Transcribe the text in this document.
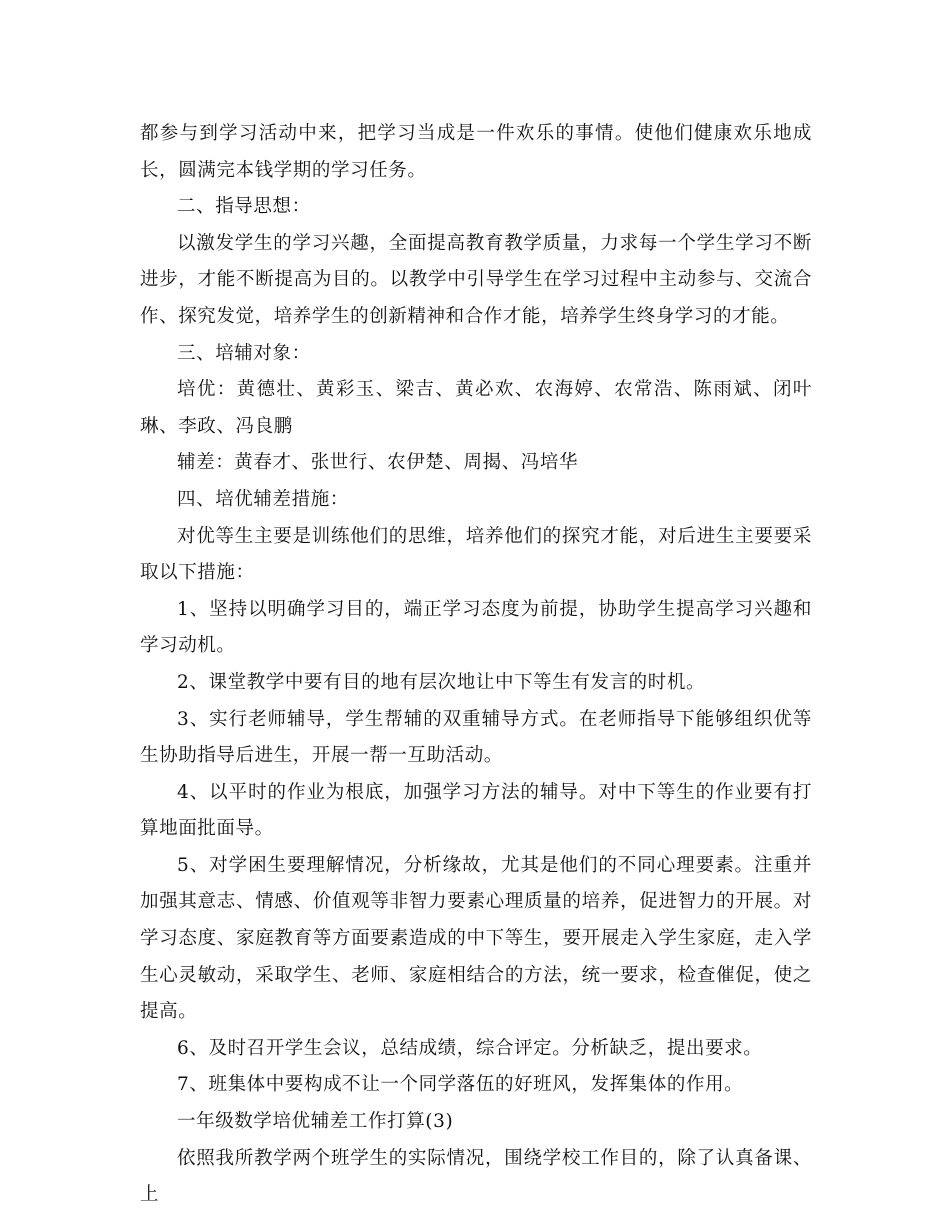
都参与到学习活动中来，把学习当成是一件欢乐的事情。使他们健康欢乐地成长，圆满完本钱学期的学习任务。

二、指导思想：

以激发学生的学习兴趣，全面提高教育教学质量，力求每一个学生学习不断进步，才能不断提高为目的。以教学中引导学生在学习过程中主动参与、交流合作、探究发觉，培养学生的创新精神和合作才能，培养学生终身学习的才能。

三、培辅对象：

培优：黄德壮、黄彩玉、梁吉、黄必欢、农海婷、农常浩、陈雨斌、闭叶琳、李政、冯良鹏

辅差：黄春才、张世行、农伊楚、周揭、冯培华

四、培优辅差措施：

对优等生主要是训练他们的思维，培养他们的探究才能，对后进生主要要采取以下措施：

1、坚持以明确学习目的，端正学习态度为前提，协助学生提高学习兴趣和学习动机。

2、课堂教学中要有目的地有层次地让中下等生有发言的时机。

3、实行老师辅导，学生帮辅的双重辅导方式。在老师指导下能够组织优等生协助指导后进生，开展一帮一互助活动。

4、以平时的作业为根底，加强学习方法的辅导。对中下等生的作业要有打算地面批面导。

5、对学困生要理解情况，分析缘故，尤其是他们的不同心理要素。注重并加强其意志、情感、价值观等非智力要素心理质量的培养，促进智力的开展。对学习态度、家庭教育等方面要素造成的中下等生，要开展走入学生家庭，走入学生心灵敏动，采取学生、老师、家庭相结合的方法，统一要求，检查催促，使之提高。

6、及时召开学生会议，总结成绩，综合评定。分析缺乏，提出要求。

7、班集体中要构成不让一个同学落伍的好班风，发挥集体的作用。

一年级数学培优辅差工作打算(3)

依照我所教学两个班学生的实际情况，围绕学校工作目的，除了认真备课、上
